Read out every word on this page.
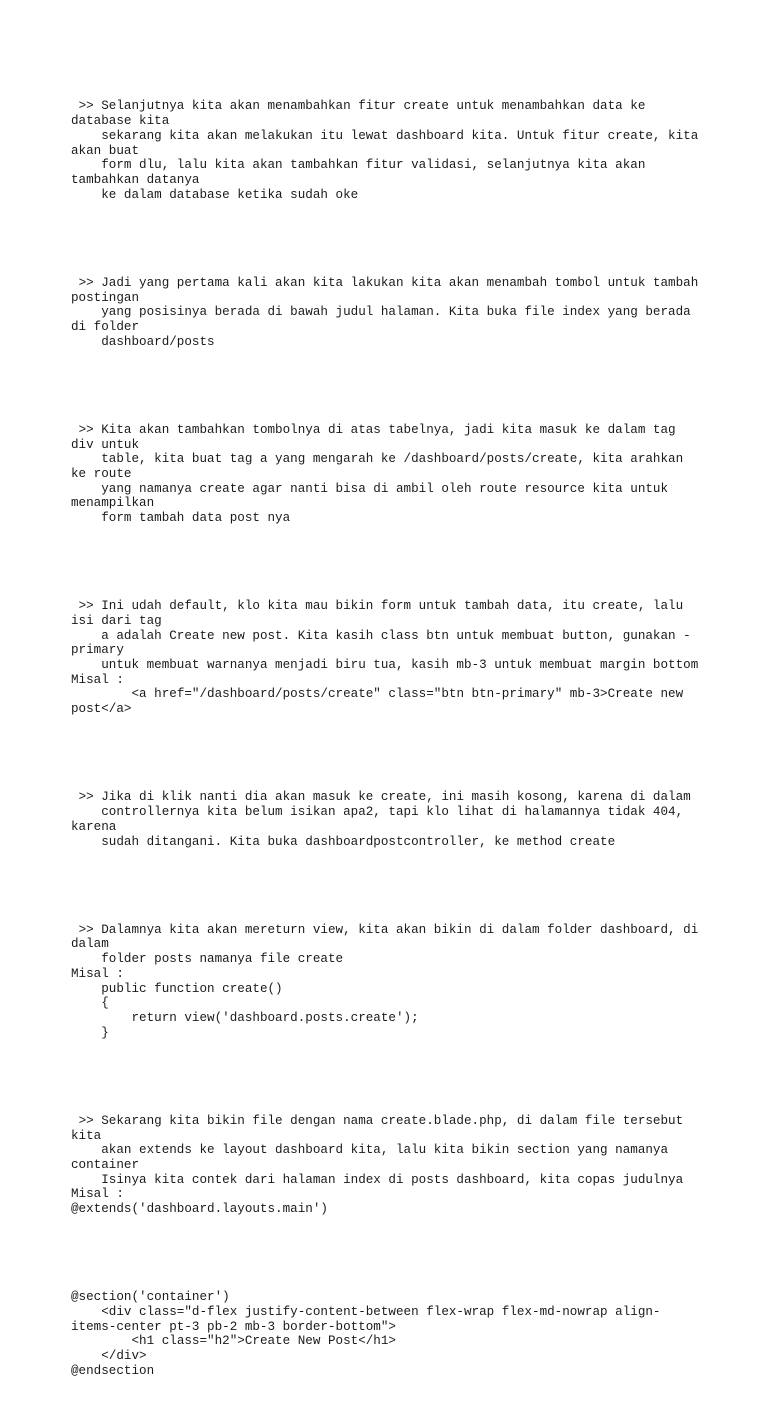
>> Selanjutnya kita akan menambahkan fitur create untuk menambahkan data ke
database kita
sekarang kita akan melakukan itu lewat dashboard kita. Untuk fitur create, kita
akan buat
form dlu, lalu kita akan tambahkan fitur validasi, selanjutnya kita akan
tambahkan datanya
ke dalam database ketika sudah oke

>> Jadi yang pertama kali akan kita lakukan kita akan menambah tombol untuk tambah
postingan
yang posisinya berada di bawah judul halaman. Kita buka file index yang berada
di folder
dashboard/posts

>> Kita akan tambahkan tombolnya di atas tabelnya, jadi kita masuk ke dalam tag
div untuk
table, kita buat tag a yang mengarah ke /dashboard/posts/create, kita arahkan
ke route
yang namanya create agar nanti bisa di ambil oleh route resource kita untuk
menampilkan
form tambah data post nya

>> Ini udah default, klo kita mau bikin form untuk tambah data, itu create, lalu
isi dari tag
a adalah Create new post. Kita kasih class btn untuk membuat button, gunakan -
primary
untuk membuat warnanya menjadi biru tua, kasih mb-3 untuk membuat margin bottom
Misal :
<a href="/dashboard/posts/create" class="btn btn-primary" mb-3>Create new
post</a>

>> Jika di klik nanti dia akan masuk ke create, ini masih kosong, karena di dalam
controllernya kita belum isikan apa2, tapi klo lihat di halamannya tidak 404,
karena
sudah ditangani. Kita buka dashboardpostcontroller, ke method create

>> Dalamnya kita akan mereturn view, kita akan bikin di dalam folder dashboard, di
dalam
folder posts namanya file create
Misal :
public function create()
{
return view('dashboard.posts.create');
}

>> Sekarang kita bikin file dengan nama create.blade.php, di dalam file tersebut
kita
akan extends ke layout dashboard kita, lalu kita bikin section yang namanya
container
Isinya kita contek dari halaman index di posts dashboard, kita copas judulnya
Misal :
@extends('dashboard.layouts.main')

@section('container')
<div class="d-flex justify-content-between flex-wrap flex-md-nowrap align-
items-center pt-3 pb-2 mb-3 border-bottom">
<h1 class="h2">Create New Post</h1>
</div>
@endsection
